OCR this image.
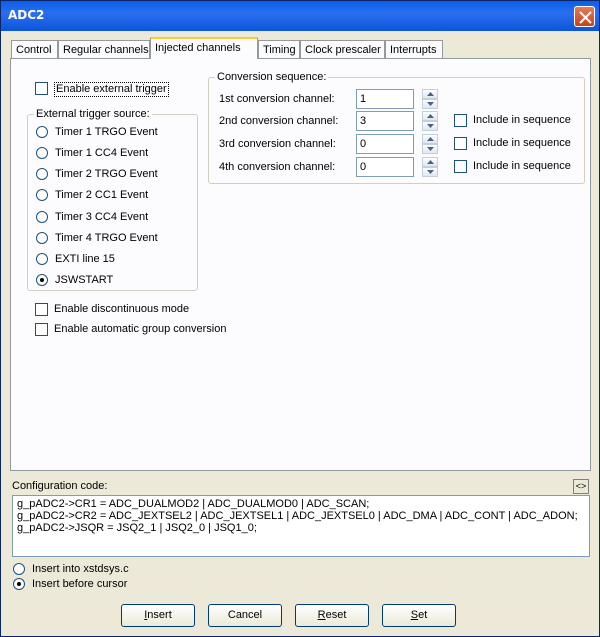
ADC2
Control	Regular channels Injected channels	Timing Clock prescaler Interrupts
Enable external trigger
External trigger source:
Timer 1 TRGO Event
Timer 1 CC4 Event
Timer 2 TRGO Event
Timer 2 CC1 Event
Timer 3 CC4 Event
Timer 4 TRGO Event
EXTI line 15
JSWSTART
Enable discontinuous mode
Enable automatic group conversion
Conversion sequence:
1st conversion channel:	1
2nd conversion channel:	3	Include in sequence
3rd conversion channel:	0	Include in sequence
4th conversion channel:	0	Include in sequence
Configuration code:	<>
g_pADC2->CR1 = ADC_DUALMOD2 | ADC_DUALMOD0 | ADC_SCAN;
g_pADC2->CR2 = ADC_JEXTSEL2 | ADC_JEXTSEL1 | ADC_JEXTSEL0 | ADC_DMA | ADC_CONT | ADC_ADON;
g_pADC2->JSQR = JSQ2_1 | JSQ2_0 | JSQ1_0;
Insert into xstdsys.c
Insert before cursor
Insert	Cancel	Reset	Set
